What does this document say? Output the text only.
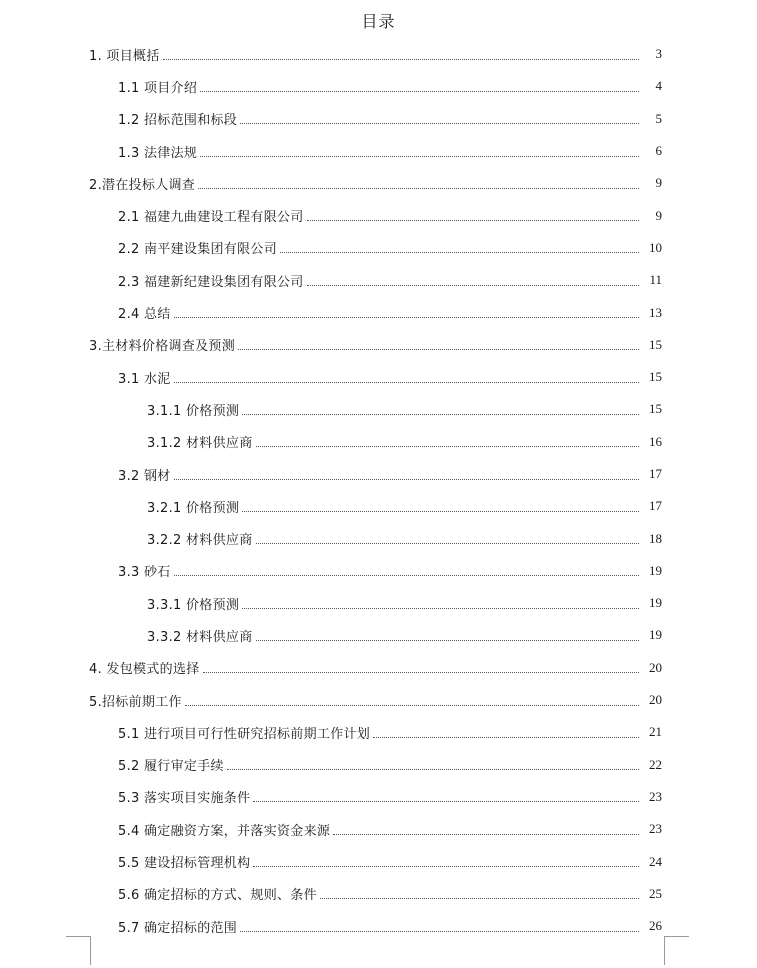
目录
1. 项目概括	3
1.1 项目介绍	4
1.2 招标范围和标段	5
1.3 法律法规	6
2.潜在投标人调查	9
2.1 福建九曲建设工程有限公司	9
2.2 南平建设集团有限公司	10
2.3 福建新纪建设集团有限公司	11
2.4 总结	13
3.主材料价格调查及预测	15
3.1 水泥	15
3.1.1 价格预测	15
3.1.2 材料供应商	16
3.2 钢材	17
3.2.1 价格预测	17
3.2.2 材料供应商	18
3.3 砂石	19
3.3.1 价格预测	19
3.3.2 材料供应商	19
4. 发包模式的选择	20
5.招标前期工作	20
5.1 进行项目可行性研究招标前期工作计划	21
5.2 履行审定手续	22
5.3 落实项目实施条件	23
5.4 确定融资方案，并落实资金来源	23
5.5 建设招标管理机构	24
5.6 确定招标的方式、规则、条件	25
5.7 确定招标的范围	26
